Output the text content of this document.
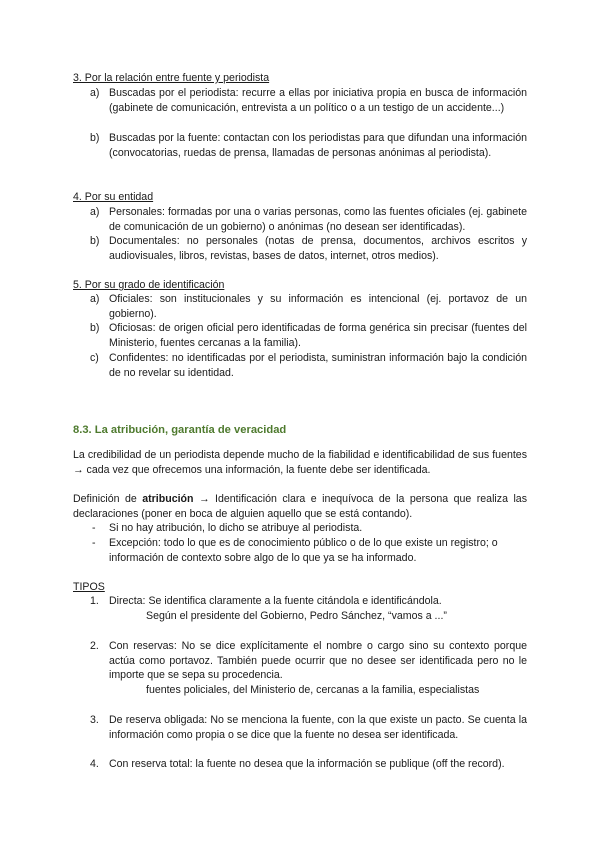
3. Por la relación entre fuente y periodista
a) Buscadas por el periodista: recurre a ellas por iniciativa propia en busca de información (gabinete de comunicación, entrevista a un político o a un testigo de un accidente...)
b) Buscadas por la fuente: contactan con los periodistas para que difundan una información (convocatorias, ruedas de prensa, llamadas de personas anónimas al periodista).
4. Por su entidad
a) Personales: formadas por una o varias personas, como las fuentes oficiales (ej. gabinete de comunicación de un gobierno) o anónimas (no desean ser identificadas).
b) Documentales: no personales (notas de prensa, documentos, archivos escritos y audiovisuales, libros, revistas, bases de datos, internet, otros medios).
5. Por su grado de identificación
a) Oficiales: son institucionales y su información es intencional (ej. portavoz de un gobierno).
b) Oficiosas: de origen oficial pero identificadas de forma genérica sin precisar (fuentes del Ministerio, fuentes cercanas a la familia).
c) Confidentes: no identificadas por el periodista, suministran información bajo la condición de no revelar su identidad.
8.3. La atribución, garantía de veracidad
La credibilidad de un periodista depende mucho de la fiabilidad e identificabilidad de sus fuentes → cada vez que ofrecemos una información, la fuente debe ser identificada.
Definición de atribución → Identificación clara e inequívoca de la persona que realiza las declaraciones (poner en boca de alguien aquello que se está contando).
- Si no hay atribución, lo dicho se atribuye al periodista.
- Excepción: todo lo que es de conocimiento público o de lo que existe un registro; o información de contexto sobre algo de lo que ya se ha informado.
TIPOS
1. Directa: Se identifica claramente a la fuente citándola e identificándola.
Según el presidente del Gobierno, Pedro Sánchez, “vamos a ...”
2. Con reservas: No se dice explícitamente el nombre o cargo sino su contexto porque actúa como portavoz. También puede ocurrir que no desee ser identificada pero no le importe que se sepa su procedencia.
fuentes policiales, del Ministerio de, cercanas a la familia, especialistas
3. De reserva obligada: No se menciona la fuente, con la que existe un pacto. Se cuenta la información como propia o se dice que la fuente no desea ser identificada.
4. Con reserva total: la fuente no desea que la información se publique (off the record).
